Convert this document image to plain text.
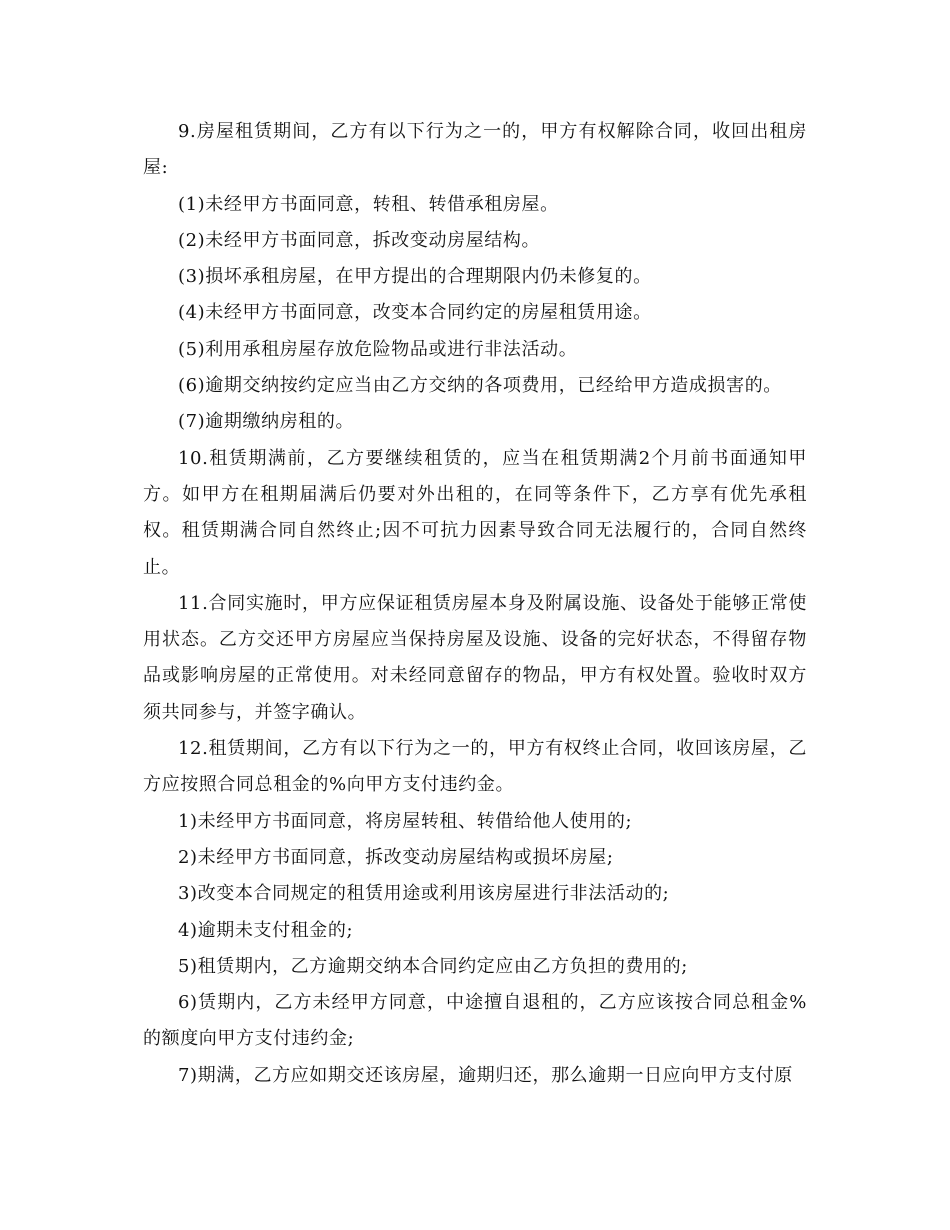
9.房屋租赁期间，乙方有以下行为之一的，甲方有权解除合同，收回出租房屋:

(1)未经甲方书面同意，转租、转借承租房屋。

(2)未经甲方书面同意，拆改变动房屋结构。

(3)损坏承租房屋，在甲方提出的合理期限内仍未修复的。

(4)未经甲方书面同意，改变本合同约定的房屋租赁用途。

(5)利用承租房屋存放危险物品或进行非法活动。

(6)逾期交纳按约定应当由乙方交纳的各项费用，已经给甲方造成损害的。

(7)逾期缴纳房租的。

10.租赁期满前，乙方要继续租赁的，应当在租赁期满2个月前书面通知甲方。如甲方在租期届满后仍要对外出租的，在同等条件下，乙方享有优先承租权。租赁期满合同自然终止;因不可抗力因素导致合同无法履行的，合同自然终止。

11.合同实施时，甲方应保证租赁房屋本身及附属设施、设备处于能够正常使用状态。乙方交还甲方房屋应当保持房屋及设施、设备的完好状态，不得留存物品或影响房屋的正常使用。对未经同意留存的物品，甲方有权处置。验收时双方须共同参与，并签字确认。

12.租赁期间，乙方有以下行为之一的，甲方有权终止合同，收回该房屋，乙方应按照合同总租金的%向甲方支付违约金。

1)未经甲方书面同意，将房屋转租、转借给他人使用的;

2)未经甲方书面同意，拆改变动房屋结构或损坏房屋;

3)改变本合同规定的租赁用途或利用该房屋进行非法活动的;

4)逾期未支付租金的;

5)租赁期内，乙方逾期交纳本合同约定应由乙方负担的费用的;

6)赁期内，乙方未经甲方同意，中途擅自退租的，乙方应该按合同总租金%的额度向甲方支付违约金;

7)期满，乙方应如期交还该房屋，逾期归还，那么逾期一日应向甲方支付原
